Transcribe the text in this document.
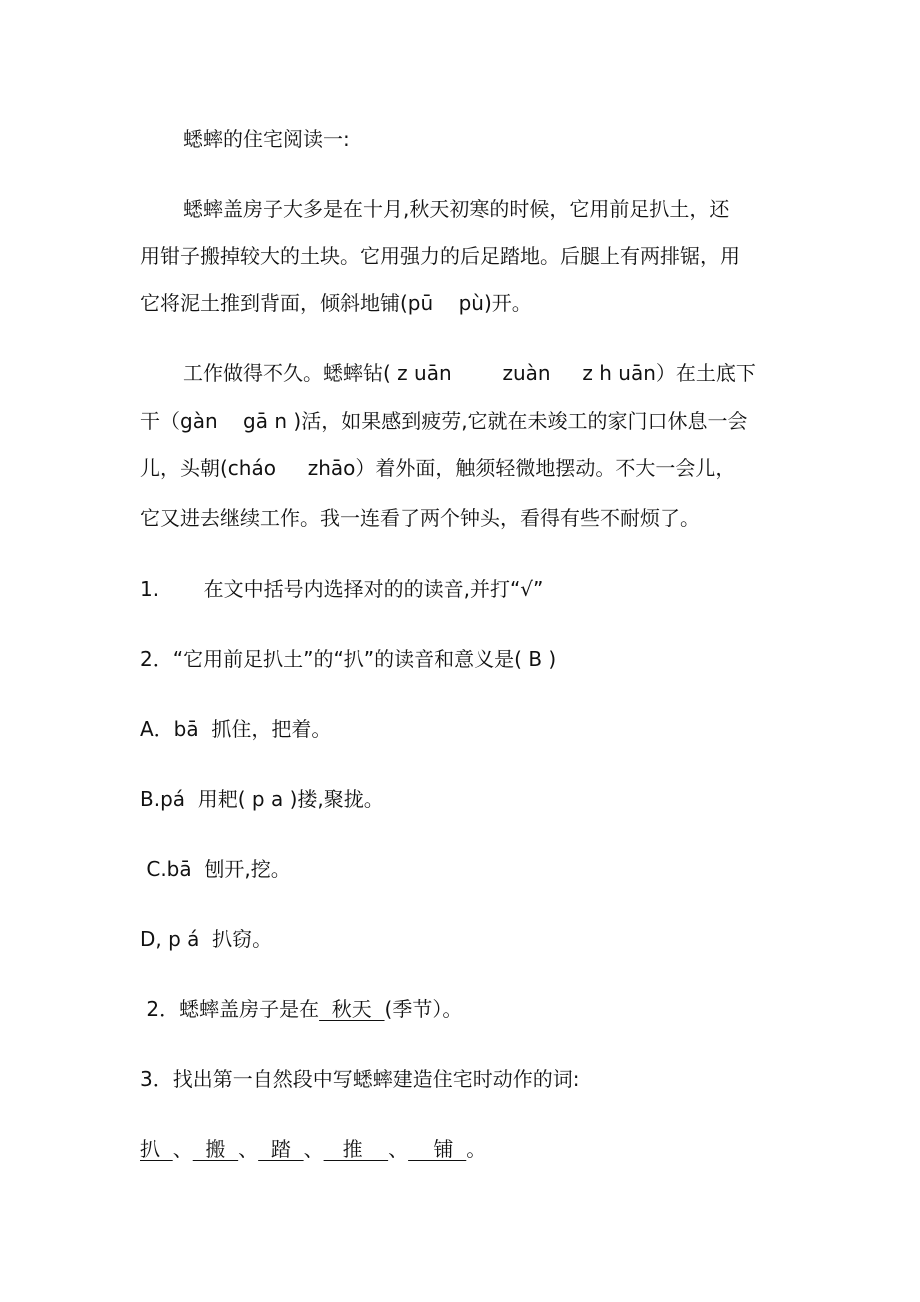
蟋蟀的住宅阅读一:
蟋蟀盖房子大多是在十月,秋天初寒的时候，它用前足扒土，还
用钳子搬掉较大的土块。它用强力的后足踏地。后腿上有两排锯，用
它将泥土推到背面，倾斜地铺(pū    pù)开。
工作做得不久。蟋蟀钻( z uān        zuàn     z h uān）在土底下
干（gàn    gā n )活，如果感到疲劳,它就在未竣工的家门口休息一会
儿，头朝(cháo     zhāo）着外面，触须轻微地摆动。不大一会儿，
它又进去继续工作。我一连看了两个钟头，看得有些不耐烦了。
1.       在文中括号内选择对的的读音,并打“√”
2．“它用前足扒土”的“扒”的读音和意义是( B )
A．bā  抓住，把着。
B.pá  用耙( p a )搂,聚拢。
C.bā  刨开,挖。
D, p á  扒窃。
2．蟋蟀盖房子是在  秋天  (季节）。
3．找出第一自然段中写蟋蟀建造住宅时动作的词:
扒  、  搬  、  踏  、   推    、    铺  。
